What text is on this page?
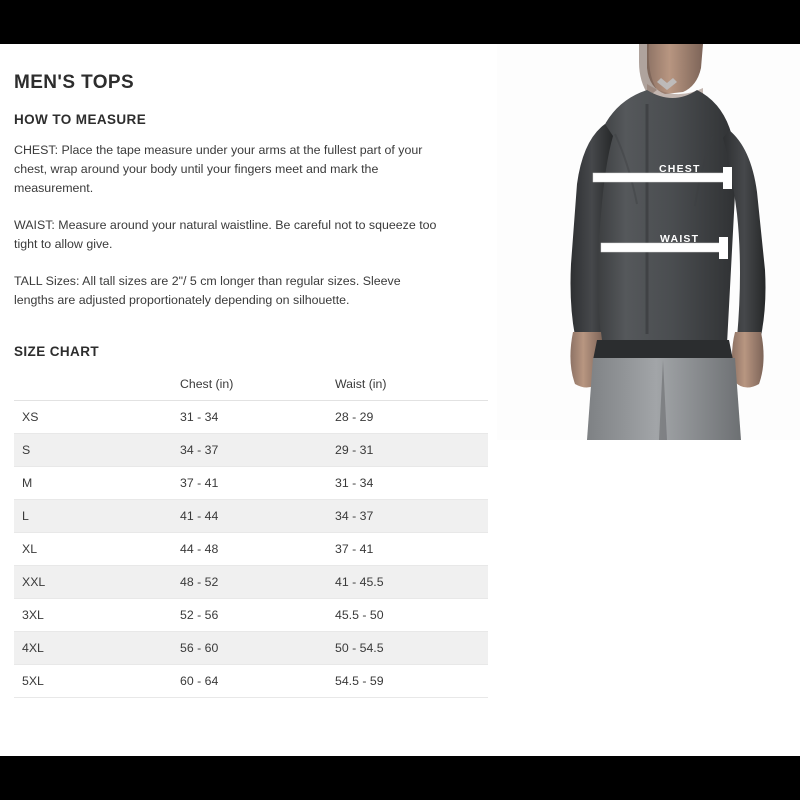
MEN'S TOPS
HOW TO MEASURE

CHEST: Place the tape measure under your arms at the fullest part of your chest, wrap around your body until your fingers meet and mark the measurement.

WAIST: Measure around your natural waistline. Be careful not to squeeze too tight to allow give.

TALL Sizes: All tall sizes are 2"/ 5 cm longer than regular sizes. Sleeve lengths are adjusted proportionately depending on silhouette.

SIZE CHART
	Chest (in)	Waist (in)
XS	31 - 34	28 - 29
S	34 - 37	29 - 31
M	37 - 41	31 - 34
L	41 - 44	34 - 37
XL	44 - 48	37 - 41
XXL	48 - 52	41 - 45.5
3XL	52 - 56	45.5 - 50
4XL	56 - 60	50 - 54.5
5XL	60 - 64	54.5 - 59
CHEST
WAIST
